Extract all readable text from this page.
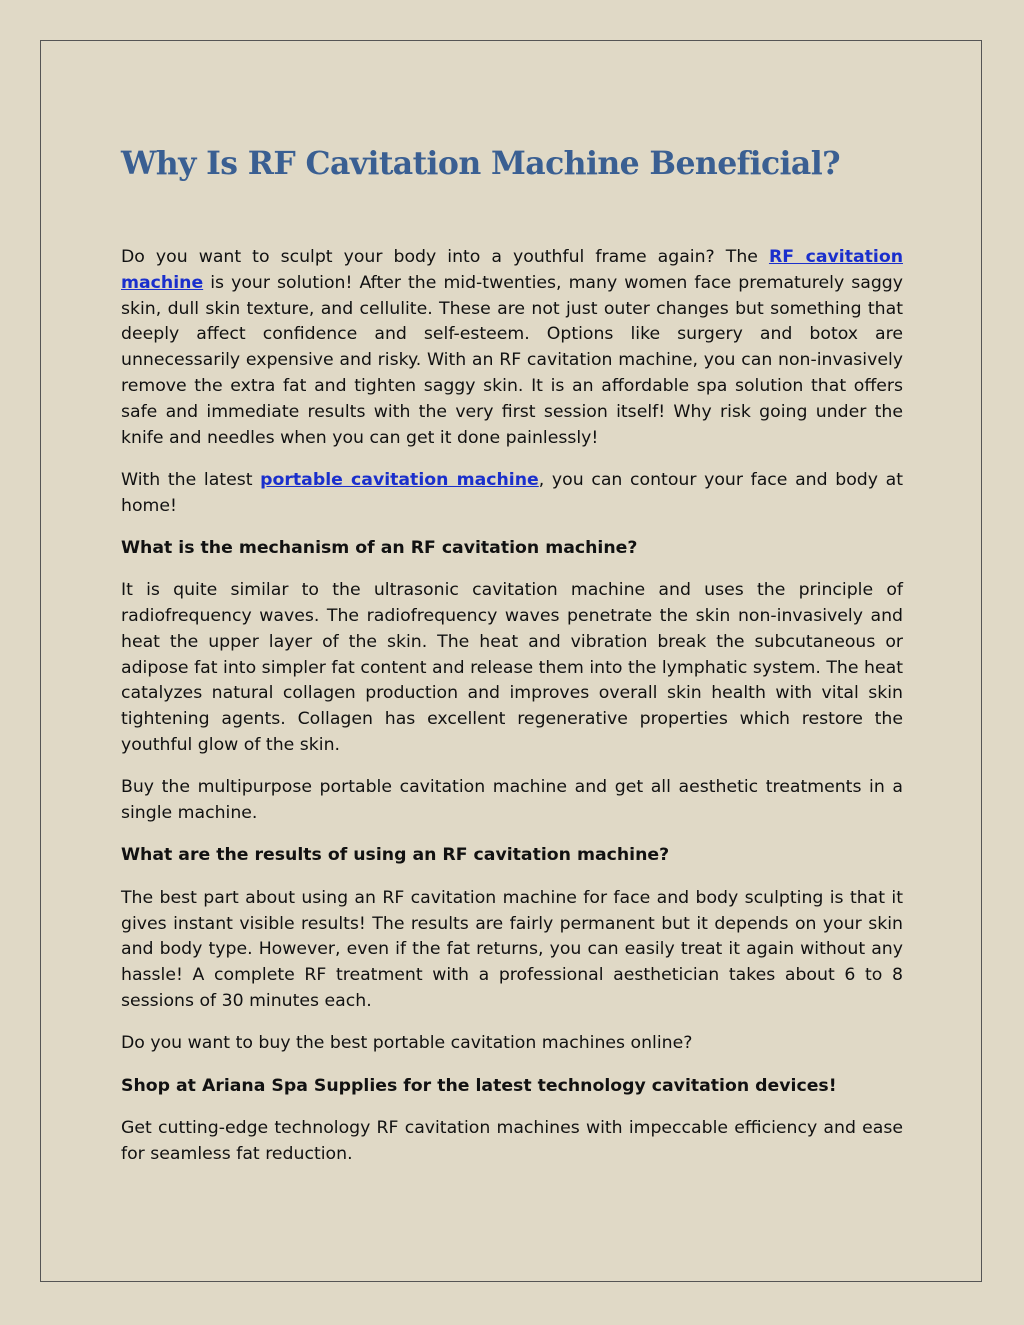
Why Is RF Cavitation Machine Beneficial?

Do you want to sculpt your body into a youthful frame again? The RF cavitation machine is your solution! After the mid-twenties, many women face prematurely saggy skin, dull skin texture, and cellulite. These are not just outer changes but something that deeply affect confidence and self-esteem. Options like surgery and botox are unnecessarily expensive and risky. With an RF cavitation machine, you can non-invasively remove the extra fat and tighten saggy skin. It is an affordable spa solution that offers safe and immediate results with the very first session itself! Why risk going under the knife and needles when you can get it done painlessly!

With the latest portable cavitation machine, you can contour your face and body at home!

What is the mechanism of an RF cavitation machine?

It is quite similar to the ultrasonic cavitation machine and uses the principle of radiofrequency waves. The radiofrequency waves penetrate the skin non-invasively and heat the upper layer of the skin. The heat and vibration break the subcutaneous or adipose fat into simpler fat content and release them into the lymphatic system. The heat catalyzes natural collagen production and improves overall skin health with vital skin tightening agents. Collagen has excellent regenerative properties which restore the youthful glow of the skin.

Buy the multipurpose portable cavitation machine and get all aesthetic treatments in a single machine.

What are the results of using an RF cavitation machine?

The best part about using an RF cavitation machine for face and body sculpting is that it gives instant visible results! The results are fairly permanent but it depends on your skin and body type. However, even if the fat returns, you can easily treat it again without any hassle! A complete RF treatment with a professional aesthetician takes about 6 to 8 sessions of 30 minutes each.

Do you want to buy the best portable cavitation machines online?

Shop at Ariana Spa Supplies for the latest technology cavitation devices!

Get cutting-edge technology RF cavitation machines with impeccable efficiency and ease for seamless fat reduction.
